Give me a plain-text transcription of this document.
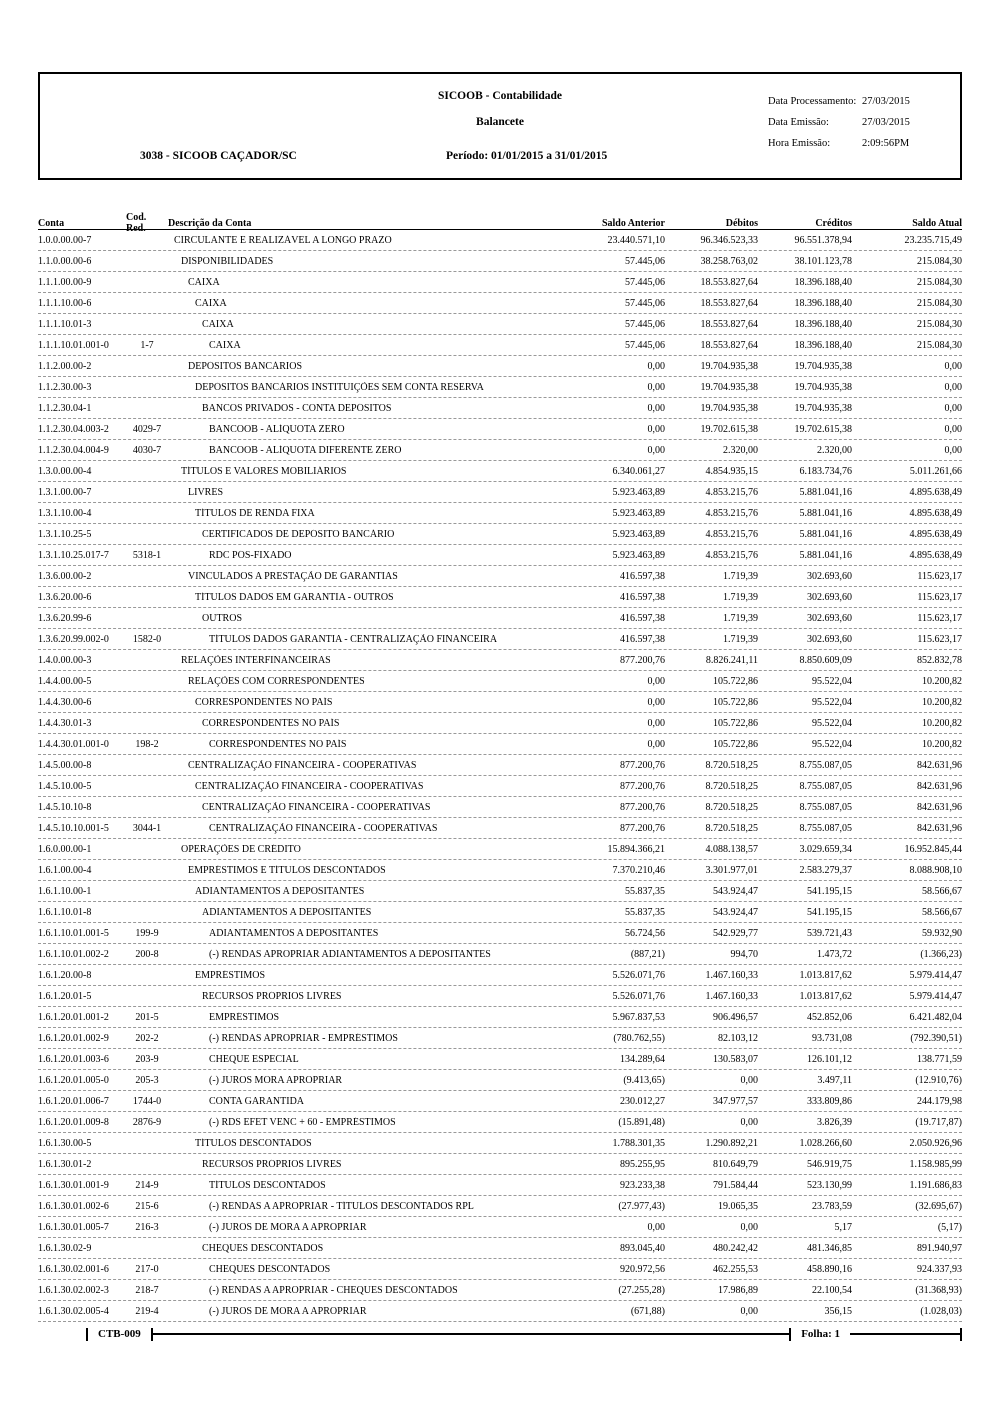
SICOOB - Contabilidade
Balancete
Data Processamento: 27/03/2015
Data Emissão:	27/03/2015
Hora Emissão:	2:09:56PM
3038 - SICOOB CAÇADOR/SC	Período: 01/01/2015 a 31/01/2015
Conta	Cod. Red.	Descrição da Conta	Saldo Anterior	Débitos	Créditos	Saldo Atual
1.0.0.00.00-7	CIRCULANTE E REALIZÁVEL A LONGO PRAZO	23.440.571,10	96.346.523,33	96.551.378,94	23.235.715,49
1.1.0.00.00-6	DISPONIBILIDADES	57.445,06	38.258.763,02	38.101.123,78	215.084,30
1.1.1.00.00-9	CAIXA	57.445,06	18.553.827,64	18.396.188,40	215.084,30
1.1.1.10.00-6	CAIXA	57.445,06	18.553.827,64	18.396.188,40	215.084,30
1.1.1.10.01-3	CAIXA	57.445,06	18.553.827,64	18.396.188,40	215.084,30
1.1.1.10.01.001-0	1-7	CAIXA	57.445,06	18.553.827,64	18.396.188,40	215.084,30
1.1.2.00.00-2	DEPÓSITOS BANCÁRIOS	0,00	19.704.935,38	19.704.935,38	0,00
1.1.2.30.00-3	DEPÓSITOS BANCÁRIOS INSTITUIÇÕES SEM CONTA RESERVA	0,00	19.704.935,38	19.704.935,38	0,00
1.1.2.30.04-1	BANCOS PRIVADOS - CONTA DEPÓSITOS	0,00	19.704.935,38	19.704.935,38	0,00
1.1.2.30.04.003-2	4029-7	BANCOOB - ALÍQUOTA ZERO	0,00	19.702.615,38	19.702.615,38	0,00
1.1.2.30.04.004-9	4030-7	BANCOOB - ALÍQUOTA DIFERENTE ZERO	0,00	2.320,00	2.320,00	0,00
1.3.0.00.00-4	TÍTULOS E VALORES MOBILIÁRIOS	6.340.061,27	4.854.935,15	6.183.734,76	5.011.261,66
1.3.1.00.00-7	LIVRES	5.923.463,89	4.853.215,76	5.881.041,16	4.895.638,49
1.3.1.10.00-4	TÍTULOS DE RENDA FIXA	5.923.463,89	4.853.215,76	5.881.041,16	4.895.638,49
1.3.1.10.25-5	CERTIFICADOS DE DEPÓSITO BANCÁRIO	5.923.463,89	4.853.215,76	5.881.041,16	4.895.638,49
1.3.1.10.25.017-7	5318-1	RDC PÓS-FIXADO	5.923.463,89	4.853.215,76	5.881.041,16	4.895.638,49
1.3.6.00.00-2	VINCULADOS A PRESTAÇÃO DE GARANTIAS	416.597,38	1.719,39	302.693,60	115.623,17
1.3.6.20.00-6	TÍTULOS DADOS EM GARANTIA - OUTROS	416.597,38	1.719,39	302.693,60	115.623,17
1.3.6.20.99-6	OUTROS	416.597,38	1.719,39	302.693,60	115.623,17
1.3.6.20.99.002-0	1582-0	TÍTULOS DADOS GARANTIA - CENTRALIZAÇÃO FINANCEIRA	416.597,38	1.719,39	302.693,60	115.623,17
1.4.0.00.00-3	RELAÇÕES INTERFINANCEIRAS	877.200,76	8.826.241,11	8.850.609,09	852.832,78
1.4.4.00.00-5	RELAÇÕES COM CORRESPONDENTES	0,00	105.722,86	95.522,04	10.200,82
1.4.4.30.00-6	CORRESPONDENTES NO PAÍS	0,00	105.722,86	95.522,04	10.200,82
1.4.4.30.01-3	CORRESPONDENTES NO PAÍS	0,00	105.722,86	95.522,04	10.200,82
1.4.4.30.01.001-0	198-2	CORRESPONDENTES NO PAÍS	0,00	105.722,86	95.522,04	10.200,82
1.4.5.00.00-8	CENTRALIZAÇÃO FINANCEIRA - COOPERATIVAS	877.200,76	8.720.518,25	8.755.087,05	842.631,96
1.4.5.10.00-5	CENTRALIZAÇÃO FINANCEIRA - COOPERATIVAS	877.200,76	8.720.518,25	8.755.087,05	842.631,96
1.4.5.10.10-8	CENTRALIZAÇÃO FINANCEIRA - COOPERATIVAS	877.200,76	8.720.518,25	8.755.087,05	842.631,96
1.4.5.10.10.001-5	3044-1	CENTRALIZAÇÃO FINANCEIRA - COOPERATIVAS	877.200,76	8.720.518,25	8.755.087,05	842.631,96
1.6.0.00.00-1	OPERAÇÕES DE CRÉDITO	15.894.366,21	4.088.138,57	3.029.659,34	16.952.845,44
1.6.1.00.00-4	EMPRÉSTIMOS E TÍTULOS DESCONTADOS	7.370.210,46	3.301.977,01	2.583.279,37	8.088.908,10
1.6.1.10.00-1	ADIANTAMENTOS A DEPOSITANTES	55.837,35	543.924,47	541.195,15	58.566,67
1.6.1.10.01-8	ADIANTAMENTOS A DEPOSITANTES	55.837,35	543.924,47	541.195,15	58.566,67
1.6.1.10.01.001-5	199-9	ADIANTAMENTOS A DEPOSITANTES	56.724,56	542.929,77	539.721,43	59.932,90
1.6.1.10.01.002-2	200-8	(-) RENDAS APROPRIAR ADIANTAMENTOS A DEPOSITANTES	(887,21)	994,70	1.473,72	(1.366,23)
1.6.1.20.00-8	EMPRÉSTIMOS	5.526.071,76	1.467.160,33	1.013.817,62	5.979.414,47
1.6.1.20.01-5	RECURSOS PRÓPRIOS LIVRES	5.526.071,76	1.467.160,33	1.013.817,62	5.979.414,47
1.6.1.20.01.001-2	201-5	EMPRÉSTIMOS	5.967.837,53	906.496,57	452.852,06	6.421.482,04
1.6.1.20.01.002-9	202-2	(-) RENDAS APROPRIAR - EMPRÉSTIMOS	(780.762,55)	82.103,12	93.731,08	(792.390,51)
1.6.1.20.01.003-6	203-9	CHEQUE ESPECIAL	134.289,64	130.583,07	126.101,12	138.771,59
1.6.1.20.01.005-0	205-3	(-) JUROS MORA APROPRIAR	(9.413,65)	0,00	3.497,11	(12.910,76)
1.6.1.20.01.006-7	1744-0	CONTA GARANTIDA	230.012,27	347.977,57	333.809,86	244.179,98
1.6.1.20.01.009-8	2876-9	(-) RDS EFET VENC + 60 - EMPRÉSTIMOS	(15.891,48)	0,00	3.826,39	(19.717,87)
1.6.1.30.00-5	TÍTULOS DESCONTADOS	1.788.301,35	1.290.892,21	1.028.266,60	2.050.926,96
1.6.1.30.01-2	RECURSOS PRÓPRIOS LIVRES	895.255,95	810.649,79	546.919,75	1.158.985,99
1.6.1.30.01.001-9	214-9	TÍTULOS DESCONTADOS	923.233,38	791.584,44	523.130,99	1.191.686,83
1.6.1.30.01.002-6	215-6	(-) RENDAS A APROPRIAR - TÍTULOS DESCONTADOS RPL	(27.977,43)	19.065,35	23.783,59	(32.695,67)
1.6.1.30.01.005-7	216-3	(-) JUROS DE MORA A APROPRIAR	0,00	0,00	5,17	(5,17)
1.6.1.30.02-9	CHEQUES DESCONTADOS	893.045,40	480.242,42	481.346,85	891.940,97
1.6.1.30.02.001-6	217-0	CHEQUES DESCONTADOS	920.972,56	462.255,53	458.890,16	924.337,93
1.6.1.30.02.002-3	218-7	(-) RENDAS A APROPRIAR - CHEQUES DESCONTADOS	(27.255,28)	17.986,89	22.100,54	(31.368,93)
1.6.1.30.02.005-4	219-4	(-) JUROS DE MORA A APROPRIAR	(671,88)	0,00	356,15	(1.028,03)
CTB-009	Folha: 1
